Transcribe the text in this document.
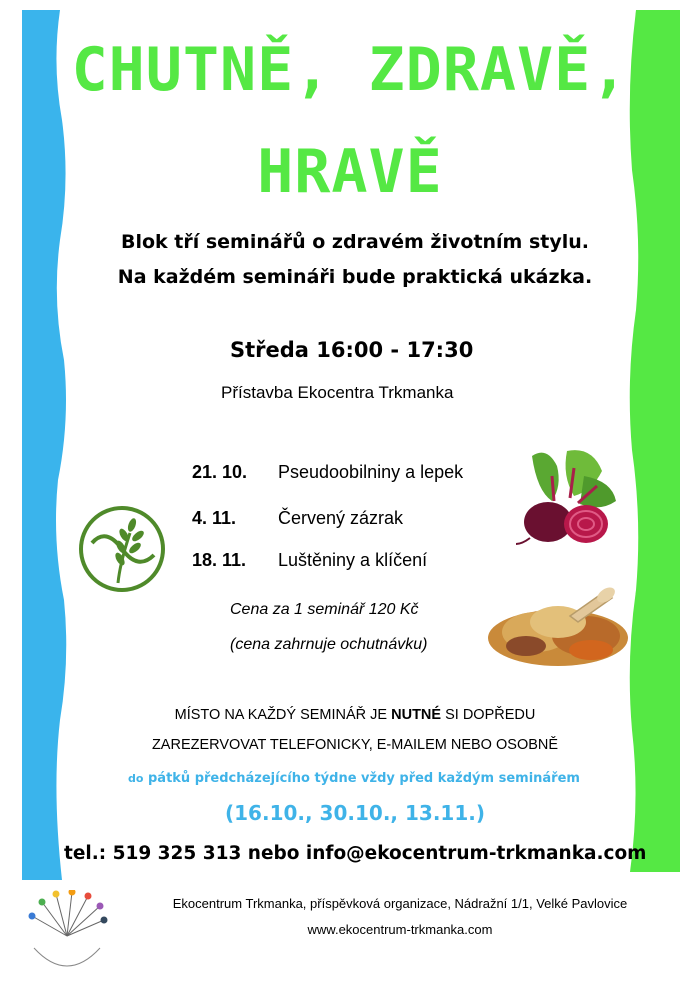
CHUTNĚ, ZDRAVĚ,
HRAVĚ
Blok tří seminářů o zdravém životním stylu.
Na každém semináři bude praktická ukázka.
Středa 16:00 - 17:30
Přístavba Ekocentra Trkmanka
21. 10. Pseudoobilniny a lepek
4. 11. Červený zázrak
18. 11. Luštěniny a klíčení
Cena za 1 seminář 120 Kč
(cena zahrnuje ochutnávku)
MÍSTO NA KAŽDÝ SEMINÁŘ JE NUTNÉ SI DOPŘEDU
ZAREZERVOVAT TELEFONICKY, E-MAILEM NEBO OSOBNĚ
do pátků předcházejícího týdne vždy před každým seminářem
(16.10., 30.10., 13.11.)
tel.: 519 325 313 nebo info@ekocentrum-trkmanka.com
Ekocentrum Trkmanka, příspěvková organizace, Nádražní 1/1, Velké Pavlovice
www.ekocentrum-trkmanka.com
